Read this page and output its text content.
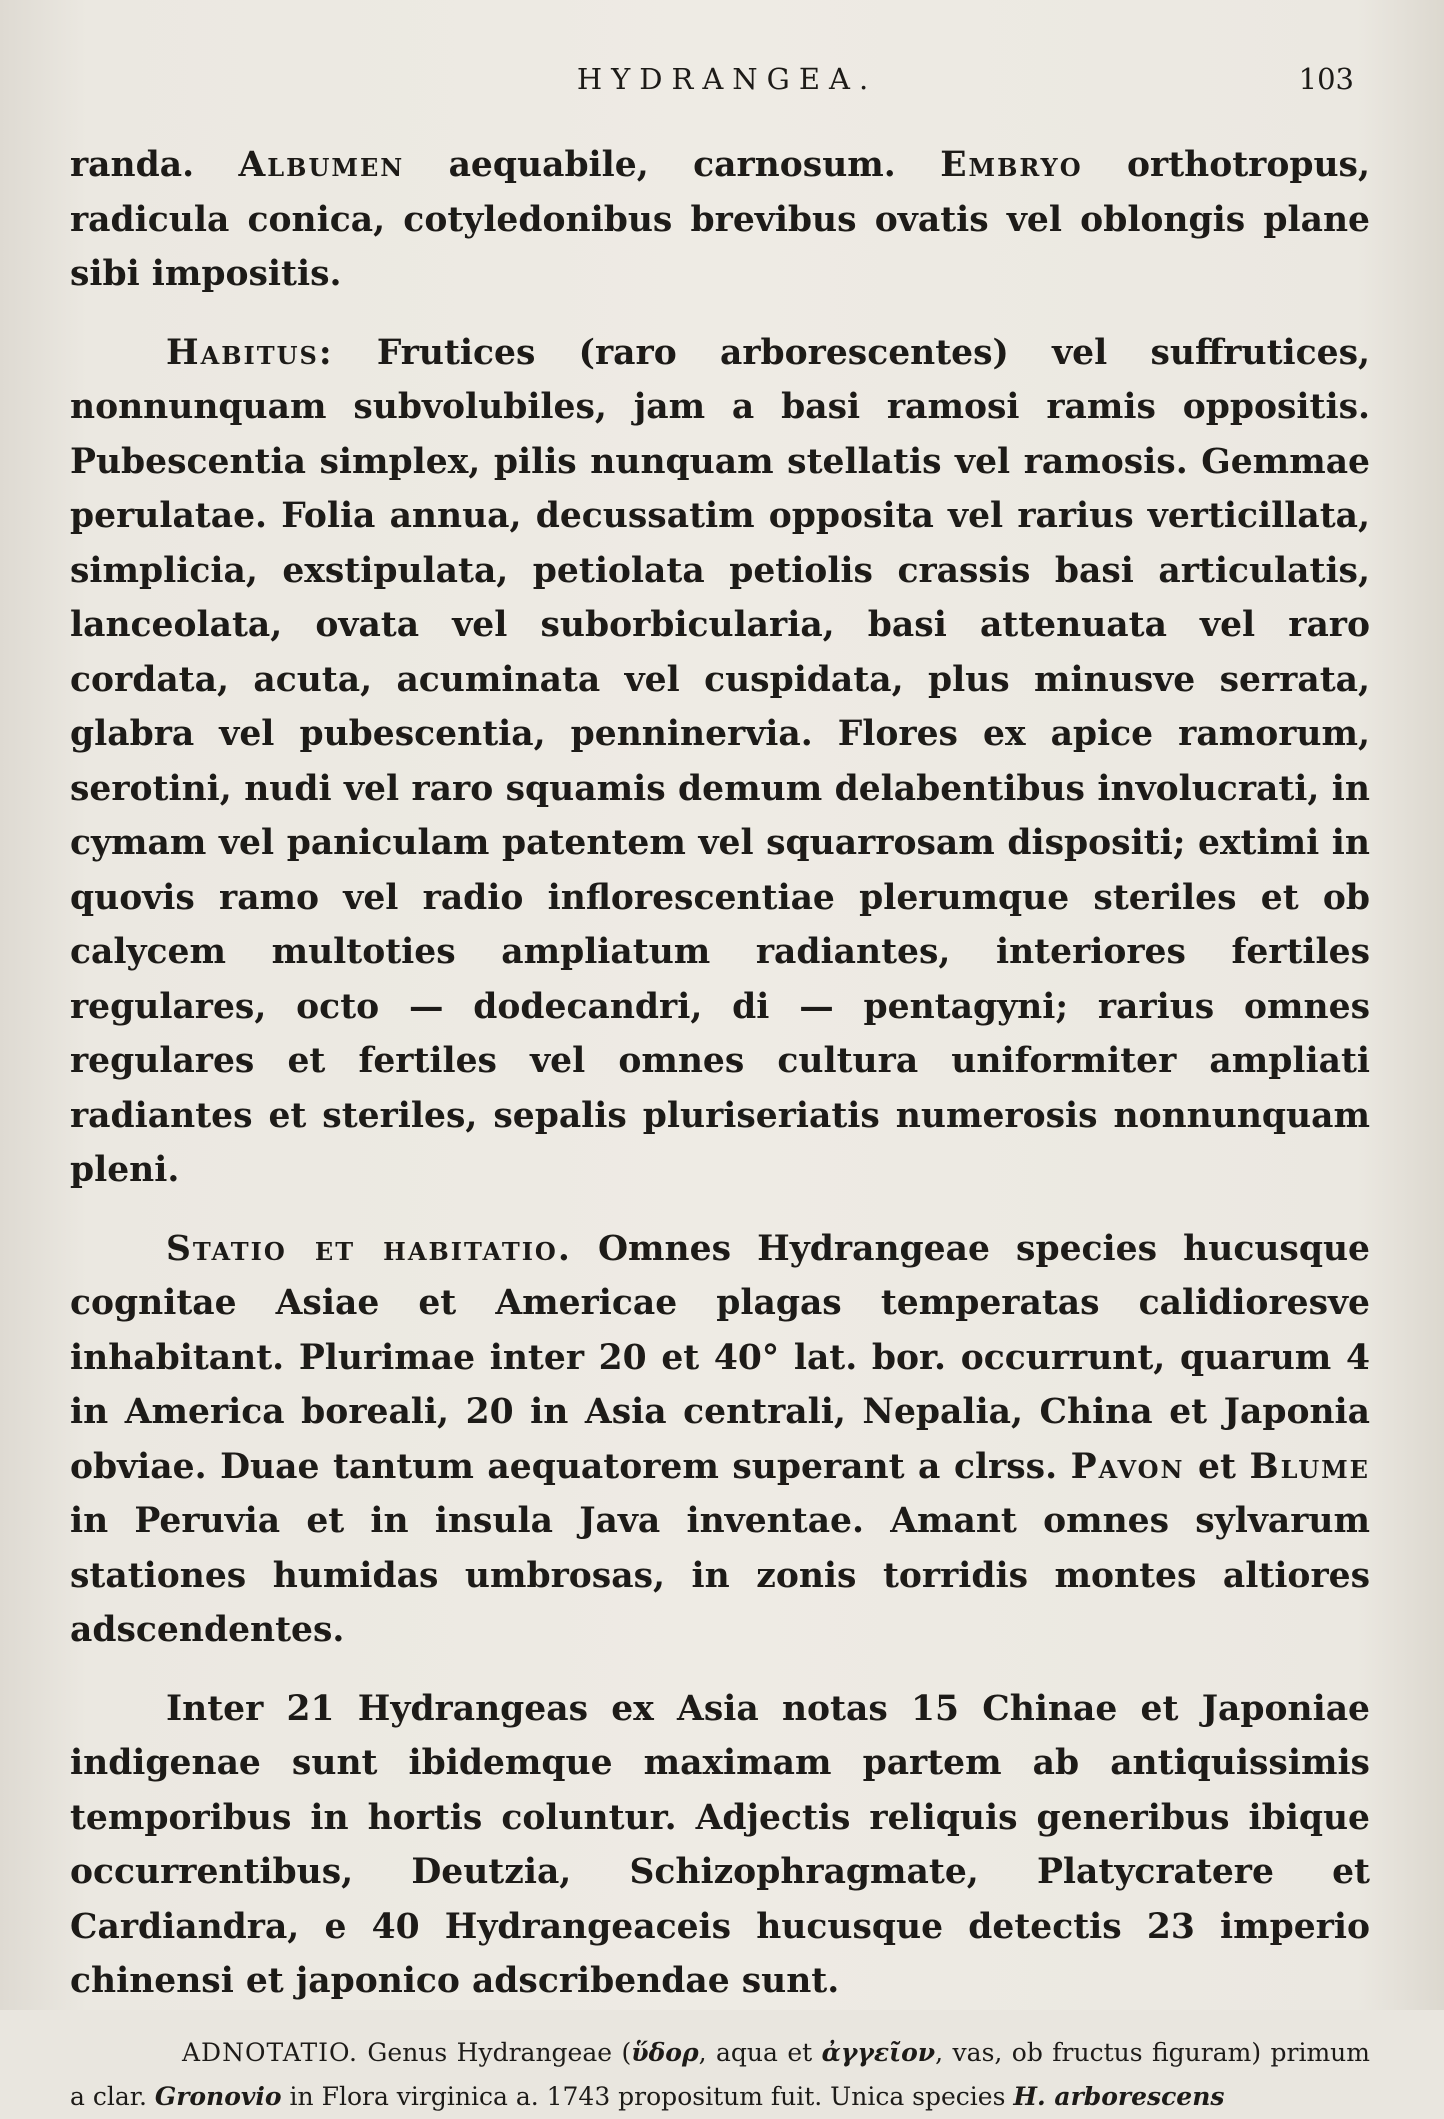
HYDRANGEA.	103

randa. Albumen aequabile, carnosum. Embryo orthotropus, radicula conica, cotyledonibus brevibus ovatis vel oblongis plane sibi impositis.

Habitus: Frutices (raro arborescentes) vel suffrutices, nonnunquam subvolubiles, jam a basi ramosi ramis oppositis. Pubescentia simplex, pilis nunquam stellatis vel ramosis. Gemmae perulatae. Folia annua, decussatim opposita vel rarius verticillata, simplicia, exstipulata, petiolata petiolis crassis basi articulatis, lanceolata, ovata vel suborbicularia, basi attenuata vel raro cordata, acuta, acuminata vel cuspidata, plus minusve serrata, glabra vel pubescentia, penninervia. Flores ex apice ramorum, serotini, nudi vel raro squamis demum delabentibus involucrati, in cymam vel paniculam patentem vel squarrosam dispositi; extimi in quovis ramo vel radio inflorescentiae plerumque steriles et ob calycem multoties ampliatum radiantes, interiores fertiles regulares, octo — dodecandri, di — pentagyni; rarius omnes regulares et fertiles vel omnes cultura uniformiter ampliati radiantes et steriles, sepalis pluriseriatis numerosis nonnunquam pleni.

Statio et habitatio. Omnes Hydrangeae species hucusque cognitae Asiae et Americae plagas temperatas calidioresve inhabitant. Plurimae inter 20 et 40° lat. bor. occurrunt, quarum 4 in America boreali, 20 in Asia centrali, Nepalia, China et Japonia obviae. Duae tantum aequatorem superant a clrss. Pavon et Blume in Peruvia et in insula Java inventae. Amant omnes sylvarum stationes humidas umbrosas, in zonis torridis montes altiores adscendentes.

Inter 21 Hydrangeas ex Asia notas 15 Chinae et Japoniae indigenae sunt ibidemque maximam partem ab antiquissimis temporibus in hortis coluntur. Adjectis reliquis generibus ibique occurrentibus, Deutzia, Schizophragmate, Platycratere et Cardiandra, e 40 Hydrangeaceis hucusque detectis 23 imperio chinensi et japonico adscribendae sunt.

ADNOTATIO. Genus Hydrangeae (ὕδορ, aqua et ἀγγεῖον, vas, ob fructus figuram) primum a clar. Gronovio in Flora virginica a. 1743 propositum fuit. Unica species H. arborescens
